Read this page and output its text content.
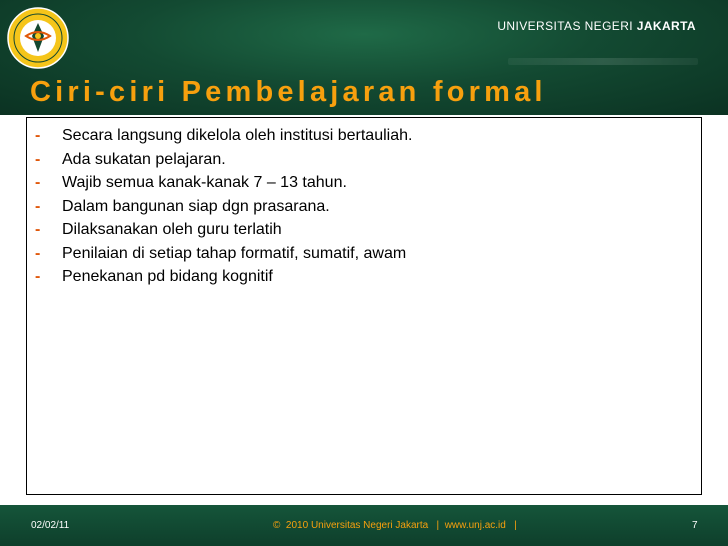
UNIVERSITAS NEGERI JAKARTA
Ciri-ciri Pembelajaran formal
-	Secara langsung dikelola oleh institusi bertauliah.
-	Ada sukatan pelajaran.
-	Wajib semua kanak-kanak 7 – 13 tahun.
-	Dalam bangunan siap dgn prasarana.
-	Dilaksanakan oleh guru terlatih
-	Penilaian di setiap tahap formatif, sumatif, awam
-	Penekanan pd bidang kognitif
02/02/11	©  2010 Universitas Negeri Jakarta   |  www.unj.ac.id   |	7
